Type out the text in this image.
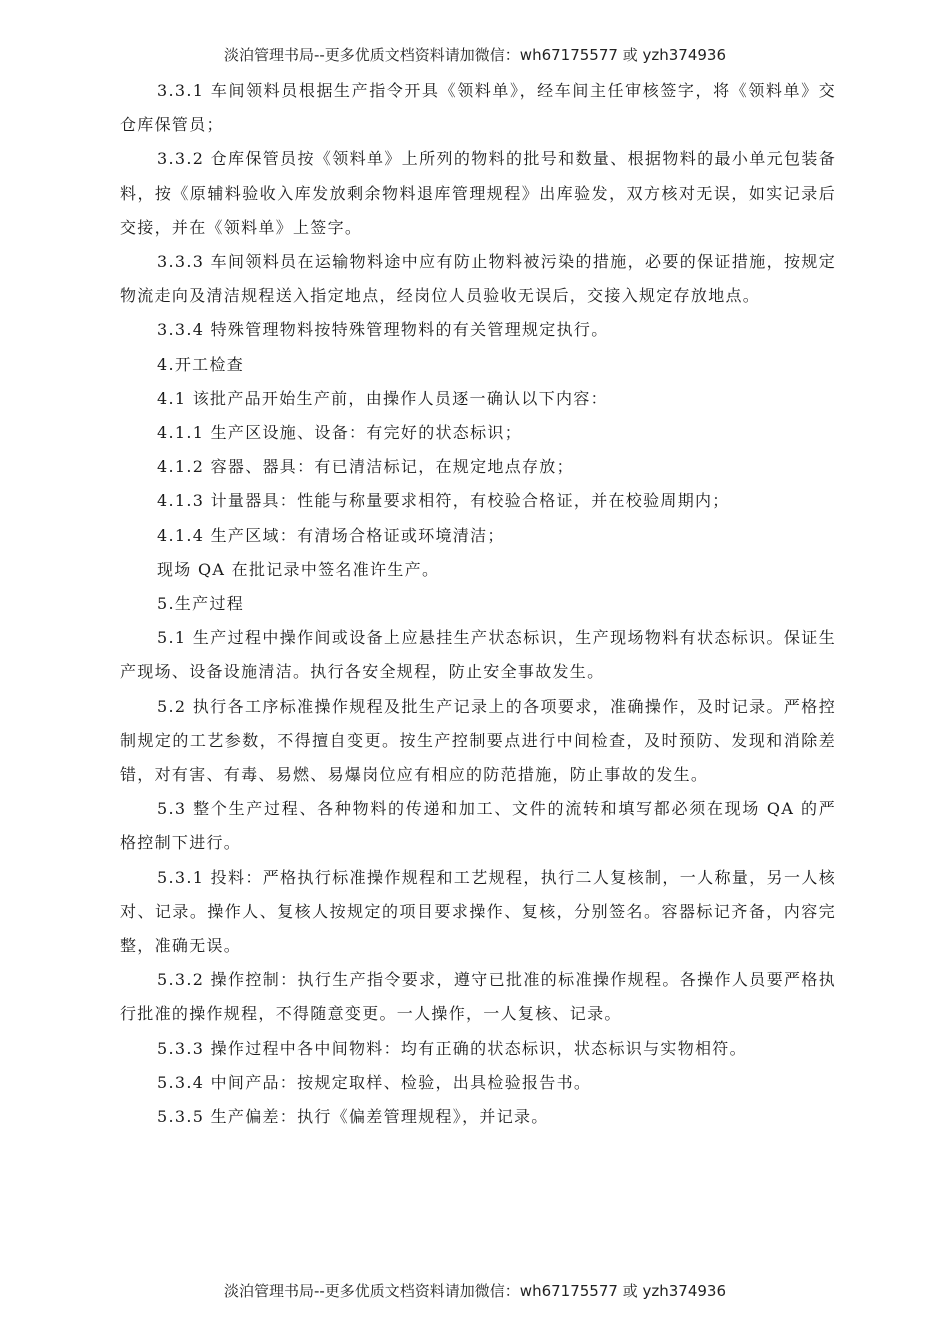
淡泊管理书局--更多优质文档资料请加微信：wh67175577 或 yzh374936

3.3.1 车间领料员根据生产指令开具《领料单》，经车间主任审核签字，将《领料单》交仓库保管员；

3.3.2 仓库保管员按《领料单》上所列的物料的批号和数量、根据物料的最小单元包装备料，按《原辅料验收入库发放剩余物料退库管理规程》出库验发，双方核对无误，如实记录后交接，并在《领料单》上签字。

3.3.3 车间领料员在运输物料途中应有防止物料被污染的措施，必要的保证措施，按规定物流走向及清洁规程送入指定地点，经岗位人员验收无误后，交接入规定存放地点。

3.3.4 特殊管理物料按特殊管理物料的有关管理规定执行。

4.开工检查

4.1 该批产品开始生产前，由操作人员逐一确认以下内容：

4.1.1 生产区设施、设备：有完好的状态标识；

4.1.2 容器、器具：有已清洁标记，在规定地点存放；

4.1.3 计量器具：性能与称量要求相符，有校验合格证，并在校验周期内；

4.1.4 生产区域：有清场合格证或环境清洁；

现场 QA 在批记录中签名准许生产。

5.生产过程

5.1 生产过程中操作间或设备上应悬挂生产状态标识，生产现场物料有状态标识。保证生产现场、设备设施清洁。执行各安全规程，防止安全事故发生。

5.2 执行各工序标准操作规程及批生产记录上的各项要求，准确操作，及时记录。严格控制规定的工艺参数，不得擅自变更。按生产控制要点进行中间检查，及时预防、发现和消除差错，对有害、有毒、易燃、易爆岗位应有相应的防范措施，防止事故的发生。

5.3 整个生产过程、各种物料的传递和加工、文件的流转和填写都必须在现场 QA 的严格控制下进行。

5.3.1 投料：严格执行标准操作规程和工艺规程，执行二人复核制，一人称量，另一人核对、记录。操作人、复核人按规定的项目要求操作、复核，分别签名。容器标记齐备，内容完整，准确无误。

5.3.2 操作控制：执行生产指令要求，遵守已批准的标准操作规程。各操作人员要严格执行批准的操作规程，不得随意变更。一人操作，一人复核、记录。

5.3.3 操作过程中各中间物料：均有正确的状态标识，状态标识与实物相符。

5.3.4 中间产品：按规定取样、检验，出具检验报告书。

5.3.5 生产偏差：执行《偏差管理规程》，并记录。

淡泊管理书局--更多优质文档资料请加微信：wh67175577 或 yzh374936
